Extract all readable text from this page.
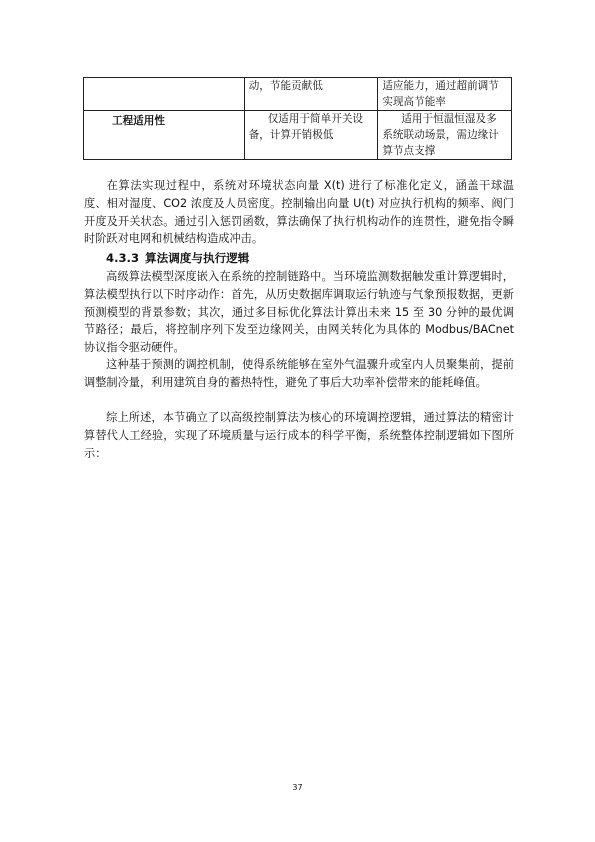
	动，节能贡献低	适应能力，通过超前调节实现高节能率
工程适用性	仅适用于简单开关设备，计算开销极低	适用于恒温恒湿及多系统联动场景，需边缘计算节点支撑

在算法实现过程中，系统对环境状态向量 X(t) 进行了标准化定义，涵盖干球温度、相对湿度、CO2 浓度及人员密度。控制输出向量 U(t) 对应执行机构的频率、阀门开度及开关状态。通过引入惩罚函数，算法确保了执行机构动作的连贯性，避免指令瞬时阶跃对电网和机械结构造成冲击。

4.3.3 算法调度与执行逻辑

高级算法模型深度嵌入在系统的控制链路中。当环境监测数据触发重计算逻辑时，算法模型执行以下时序动作：首先，从历史数据库调取运行轨迹与气象预报数据，更新预测模型的背景参数；其次，通过多目标优化算法计算出未来 15 至 30 分钟的最优调节路径；最后，将控制序列下发至边缘网关，由网关转化为具体的 Modbus/BACnet 协议指令驱动硬件。

这种基于预测的调控机制，使得系统能够在室外气温骤升或室内人员聚集前，提前调整制冷量，利用建筑自身的蓄热特性，避免了事后大功率补偿带来的能耗峰值。

综上所述，本节确立了以高级控制算法为核心的环境调控逻辑，通过算法的精密计算替代人工经验，实现了环境质量与运行成本的科学平衡，系统整体控制逻辑如下图所示：

37
